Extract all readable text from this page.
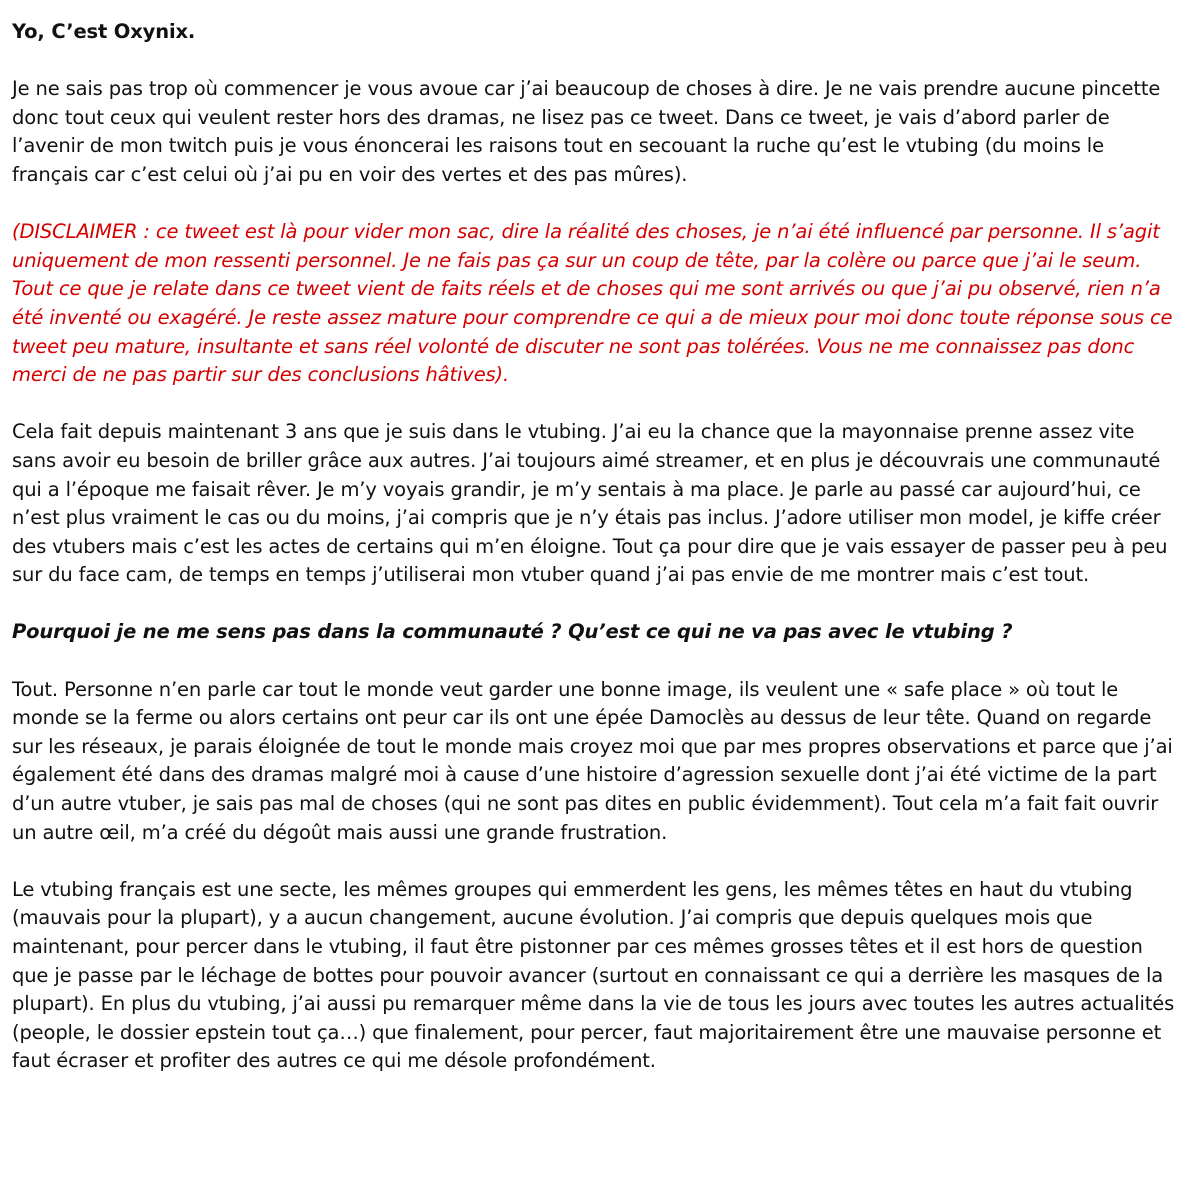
Yo, C’est Oxynix.

Je ne sais pas trop où commencer je vous avoue car j’ai beaucoup de choses à dire. Je ne vais prendre aucune pincette donc tout ceux qui veulent rester hors des dramas, ne lisez pas ce tweet. Dans ce tweet, je vais d’abord parler de l’avenir de mon twitch puis je vous énoncerai les raisons tout en secouant la ruche qu’est le vtubing (du moins le français car c’est celui où j’ai pu en voir des vertes et des pas mûres).

(DISCLAIMER : ce tweet est là pour vider mon sac, dire la réalité des choses, je n’ai été influencé par personne. Il s’agit uniquement de mon ressenti personnel. Je ne fais pas ça sur un coup de tête, par la colère ou parce que j’ai le seum. Tout ce que je relate dans ce tweet vient de faits réels et de choses qui me sont arrivés ou que j’ai pu observé, rien n’a été inventé ou exagéré. Je reste assez mature pour comprendre ce qui a de mieux pour moi donc toute réponse sous ce tweet peu mature, insultante et sans réel volonté de discuter ne sont pas tolérées. Vous ne me connaissez pas donc merci de ne pas partir sur des conclusions hâtives).

Cela fait depuis maintenant 3 ans que je suis dans le vtubing. J’ai eu la chance que la mayonnaise prenne assez vite sans avoir eu besoin de briller grâce aux autres. J’ai toujours aimé streamer, et en plus je découvrais une communauté qui a l’époque me faisait rêver. Je m’y voyais grandir, je m’y sentais à ma place. Je parle au passé car aujourd’hui, ce n’est plus vraiment le cas ou du moins, j’ai compris que je n’y étais pas inclus. J’adore utiliser mon model, je kiffe créer des vtubers mais c’est les actes de certains qui m’en éloigne. Tout ça pour dire que je vais essayer de passer peu à peu sur du face cam, de temps en temps j’utiliserai mon vtuber quand j’ai pas envie de me montrer mais c’est tout.

Pourquoi je ne me sens pas dans la communauté ? Qu’est ce qui ne va pas avec le vtubing ?

Tout. Personne n’en parle car tout le monde veut garder une bonne image, ils veulent une « safe place » où tout le monde se la ferme ou alors certains ont peur car ils ont une épée Damoclès au dessus de leur tête. Quand on regarde sur les réseaux, je parais éloignée de tout le monde mais croyez moi que par mes propres observations et parce que j’ai également été dans des dramas malgré moi à cause d’une histoire d’agression sexuelle dont j’ai été victime de la part d’un autre vtuber, je sais pas mal de choses (qui ne sont pas dites en public évidemment). Tout cela m’a fait fait ouvrir un autre œil, m’a créé du dégoût mais aussi une grande frustration.

Le vtubing français est une secte, les mêmes groupes qui emmerdent les gens, les mêmes têtes en haut du vtubing (mauvais pour la plupart), y a aucun changement, aucune évolution. J’ai compris que depuis quelques mois que maintenant, pour percer dans le vtubing, il faut être pistonner par ces mêmes grosses têtes et il est hors de question que je passe par le léchage de bottes pour pouvoir avancer (surtout en connaissant ce qui a derrière les masques de la plupart). En plus du vtubing, j’ai aussi pu remarquer même dans la vie de tous les jours avec toutes les autres actualités (people, le dossier epstein tout ça…) que finalement, pour percer, faut majoritairement être une mauvaise personne et faut écraser et profiter des autres ce qui me désole profondément.
